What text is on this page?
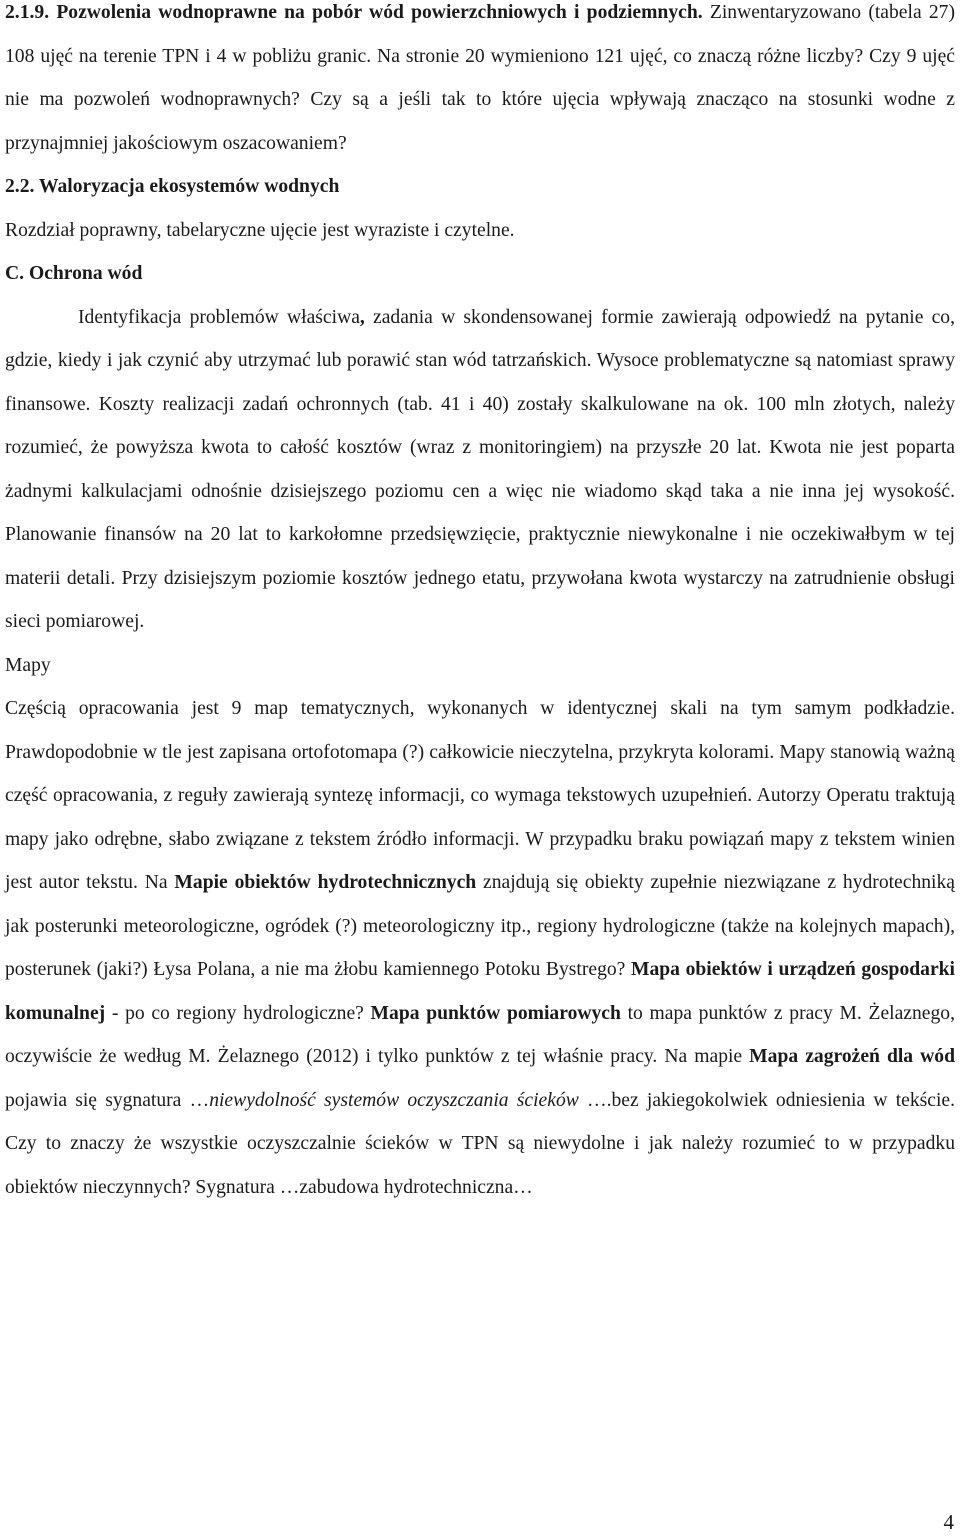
2.1.9. Pozwolenia wodnoprawne na pobór wód powierzchniowych i podziemnych. Zinwentaryzowano (tabela 27) 108 ujęć na terenie TPN i 4 w pobliżu granic. Na stronie 20 wymieniono 121 ujęć, co znaczą różne liczby? Czy 9 ujęć nie ma pozwoleń wodnoprawnych? Czy są a jeśli tak to które ujęcia wpływają znacząco na stosunki wodne z przynajmniej jakościowym oszacowaniem?

2.2. Waloryzacja ekosystemów wodnych

Rozdział poprawny, tabelaryczne ujęcie jest wyraziste i czytelne.

C. Ochrona wód

Identyfikacja problemów właściwa, zadania w skondensowanej formie zawierają odpowiedź na pytanie co, gdzie, kiedy i jak czynić aby utrzymać lub porawić stan wód tatrzańskich. Wysoce problematyczne są natomiast sprawy finansowe. Koszty realizacji zadań ochronnych (tab. 41 i 40) zostały skalkulowane na ok. 100 mln złotych, należy rozumieć, że powyższa kwota to całość kosztów (wraz z monitoringiem) na przyszłe 20 lat. Kwota nie jest poparta żadnymi kalkulacjami odnośnie dzisiejszego poziomu cen a więc nie wiadomo skąd taka a nie inna jej wysokość. Planowanie finansów na 20 lat to karkołomne przedsięwzięcie, praktycznie niewykonalne i nie oczekiwałbym w tej materii detali. Przy dzisiejszym poziomie kosztów jednego etatu, przywołana kwota wystarczy na zatrudnienie obsługi sieci pomiarowej.

Mapy

Częścią opracowania jest 9 map tematycznych, wykonanych w identycznej skali na tym samym podkładzie. Prawdopodobnie w tle jest zapisana ortofotomapa (?) całkowicie nieczytelna, przykryta kolorami. Mapy stanowią ważną część opracowania, z reguły zawierają syntezę informacji, co wymaga tekstowych uzupełnień. Autorzy Operatu traktują mapy jako odrębne, słabo związane z tekstem źródło informacji. W przypadku braku powiązań mapy z tekstem winien jest autor tekstu. Na Mapie obiektów hydrotechnicznych znajdują się obiekty zupełnie niezwiązane z hydrotechniką jak posterunki meteorologiczne, ogródek (?) meteorologiczny itp., regiony hydrologiczne (także na kolejnych mapach), posterunek (jaki?) Łysa Polana, a nie ma żłobu kamiennego Potoku Bystrego? Mapa obiektów i urządzeń gospodarki komunalnej - po co regiony hydrologiczne? Mapa punktów pomiarowych to mapa punktów z pracy M. Żelaznego, oczywiście że według M. Żelaznego (2012) i tylko punktów z tej właśnie pracy. Na mapie Mapa zagrożeń dla wód pojawia się sygnatura …niewydolność systemów oczyszczania ścieków ….bez jakiegokolwiek odniesienia w tekście. Czy to znaczy że wszystkie oczyszczalnie ścieków w TPN są niewydolne i jak należy rozumieć to w przypadku obiektów nieczynnych? Sygnatura …zabudowa hydrotechniczna…

4
